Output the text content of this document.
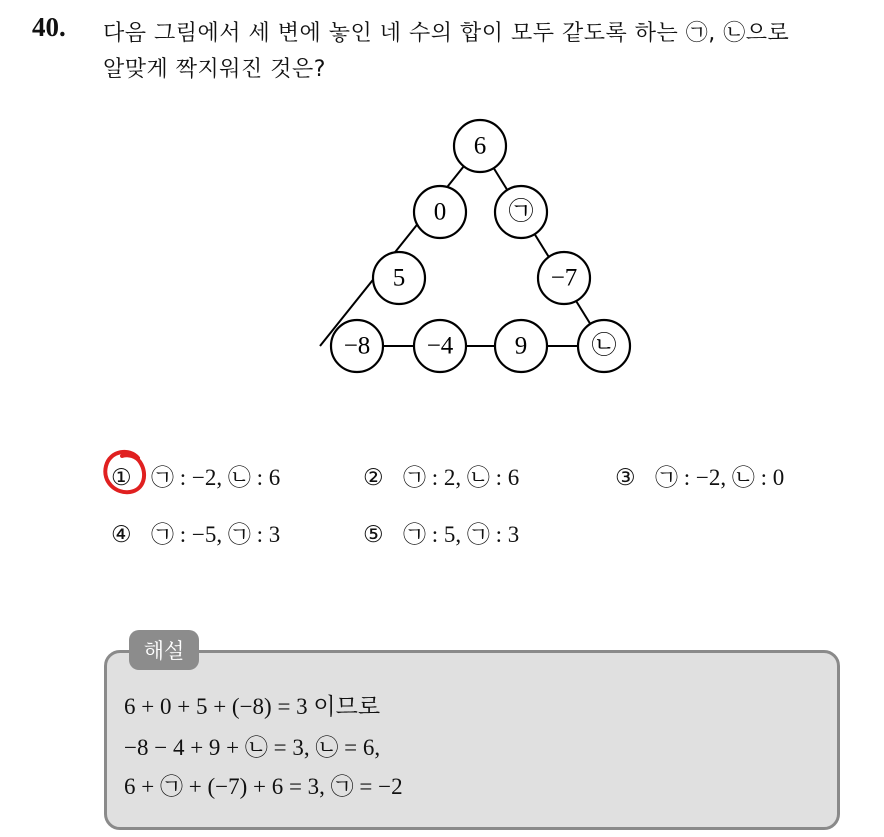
40. 다음 그림에서 세 변에 놓인 네 수의 합이 모두 같도록 하는 ㉠, ㉡으로
알맞게 짝지워진 것은?
6
0 ㉠
5	−7
−8 −4 9	㉡
① ㉠ : −2, ㉡ : 6	② ㉠ : 2, ㉡ : 6	③ ㉠ : −2, ㉡ : 0
④ ㉠ : −5, ㉠ : 3	⑤ ㉠ : 5, ㉠ : 3
해설
6 + 0 + 5 + (−8) = 3 이므로
−8 − 4 + 9 + ㉡ = 3, ㉡ = 6,
6 + ㉠ + (−7) + 6 = 3, ㉠ = −2
